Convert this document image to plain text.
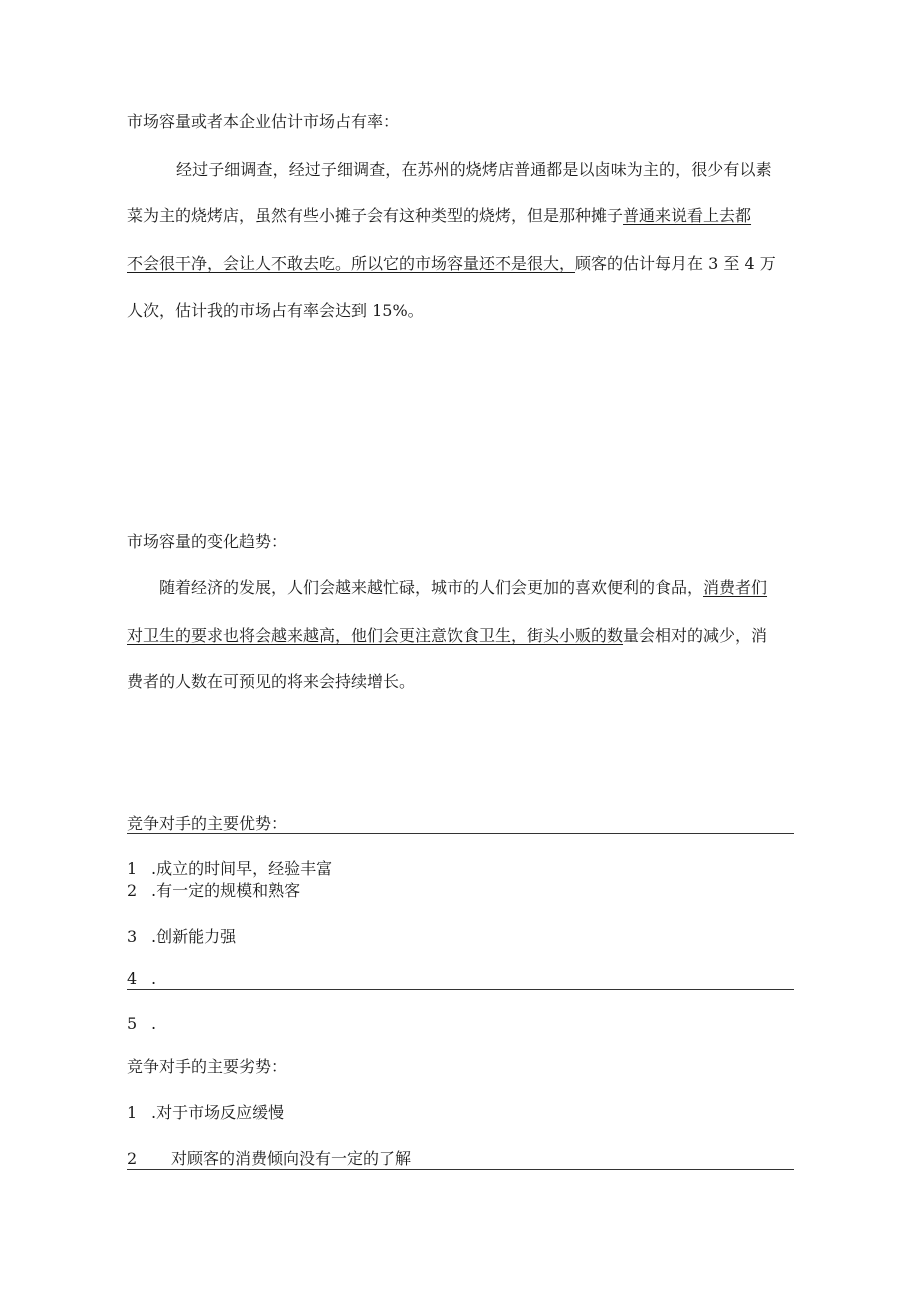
市场容量或者本企业估计市场占有率：
经过子细调查，经过子细调查，在苏州的烧烤店普通都是以卤味为主的，很少有以素
菜为主的烧烤店，虽然有些小摊子会有这种类型的烧烤，但是那种摊子普通来说看上去都
不会很干净，会让人不敢去吃。所以它的市场容量还不是很大，顾客的估计每月在 3 至 4 万
人次，估计我的市场占有率会达到 15%。
市场容量的变化趋势：
随着经济的发展，人们会越来越忙碌，城市的人们会更加的喜欢便利的食品，消费者们
对卫生的要求也将会越来越高，他们会更注意饮食卫生，街头小贩的数量会相对的减少，消
费者的人数在可预见的将来会持续增长。
竞争对手的主要优势：
1 .成立的时间早，经验丰富
2 .有一定的规模和熟客
3 .创新能力强
4 .
5 .
竞争对手的主要劣势：
1 .对于市场反应缓慢
2 对顾客的消费倾向没有一定的了解
